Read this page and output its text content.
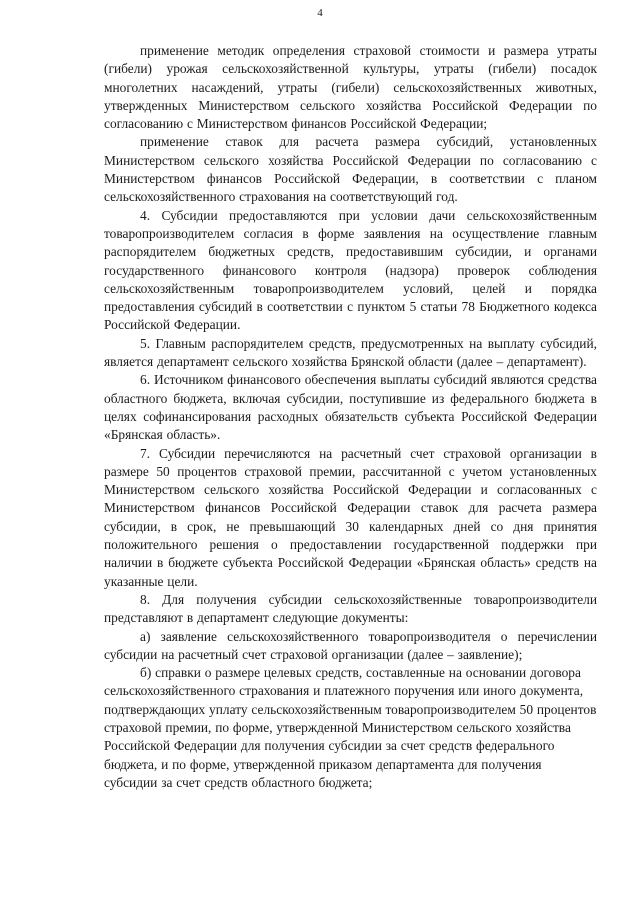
4

применение методик определения страховой стоимости и размера утраты (гибели) урожая сельскохозяйственной культуры, утраты (гибели) посадок многолетних насаждений, утраты (гибели) сельскохозяйственных животных, утвержденных Министерством сельского хозяйства Российской Федерации по согласованию с Министерством финансов Российской Федерации;

применение ставок для расчета размера субсидий, установленных Министерством сельского хозяйства Российской Федерации по согласованию с Министерством финансов Российской Федерации, в соответствии с планом сельскохозяйственного страхования на соответствующий год.

4. Субсидии предоставляются при условии дачи сельскохозяйственным товаропроизводителем согласия в форме заявления на осуществление главным распорядителем бюджетных средств, предоставившим субсидии, и органами государственного финансового контроля (надзора) проверок соблюдения сельскохозяйственным товаропроизводителем условий, целей и порядка предоставления субсидий в соответствии с пунктом 5 статьи 78 Бюджетного кодекса Российской Федерации.

5. Главным распорядителем средств, предусмотренных на выплату субсидий, является департамент сельского хозяйства Брянской области (далее – департамент).

6. Источником финансового обеспечения выплаты субсидий являются средства областного бюджета, включая субсидии, поступившие из федерального бюджета в целях софинансирования расходных обязательств субъекта Российской Федерации «Брянская область».

7. Субсидии перечисляются на расчетный счет страховой организации в размере 50 процентов страховой премии, рассчитанной с учетом установленных Министерством сельского хозяйства Российской Федерации и согласованных с Министерством финансов Российской Федерации ставок для расчета размера субсидии, в срок, не превышающий 30 календарных дней со дня принятия положительного решения о предоставлении государственной поддержки при наличии в бюджете субъекта Российской Федерации «Брянская область» средств на указанные цели.

8. Для получения субсидии сельскохозяйственные товаропроизводители представляют в департамент следующие документы:

а) заявление сельскохозяйственного товаропроизводителя о перечислении субсидии на расчетный счет страховой организации (далее – заявление);

б) справки о размере целевых средств, составленные на основании договора сельскохозяйственного страхования и платежного поручения или иного документа, подтверждающих уплату сельскохозяйственным товаропроизводителем 50 процентов страховой премии, по форме, утвержденной Министерством сельского хозяйства Российской Федерации для получения субсидии за счет средств федерального бюджета, и по форме, утвержденной приказом департамента для получения субсидии за счет средств областного бюджета;
